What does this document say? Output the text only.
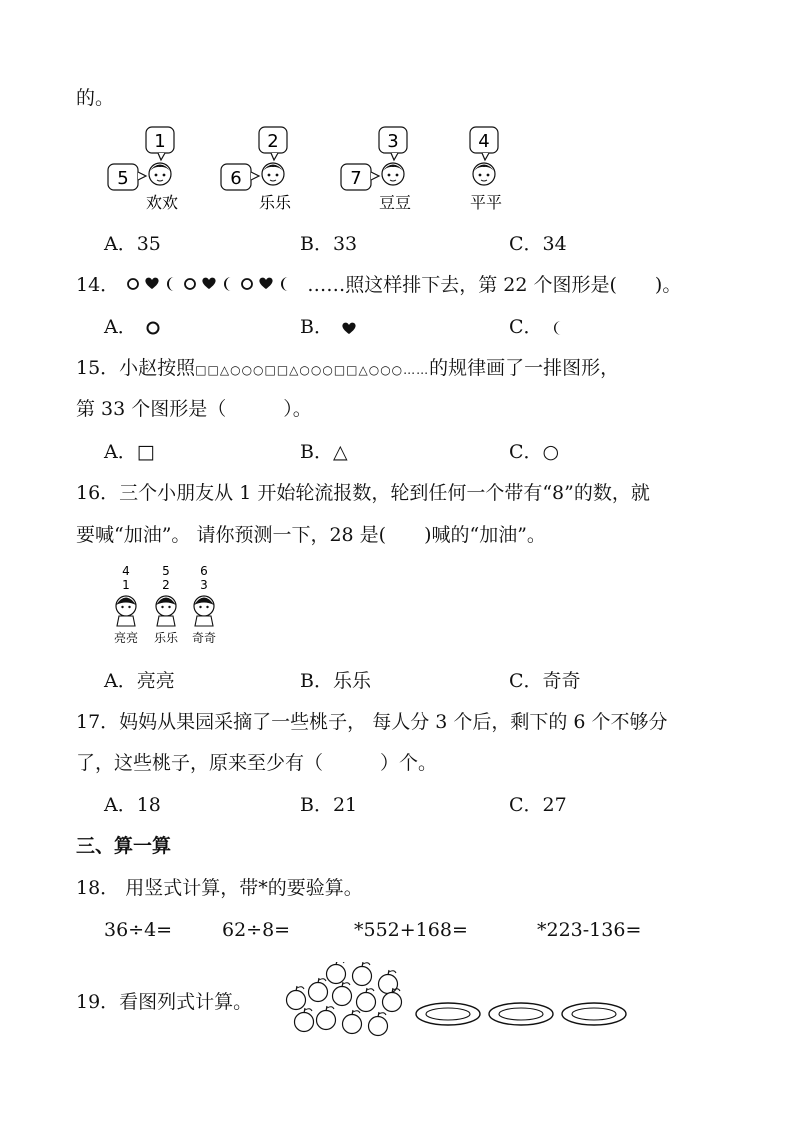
的。
1
5
欢欢
2
6
乐乐
3
7
豆豆
4
平平
A．35	B．33	C．34
14．	……照这样排下去，第 22 个图形是(　　)。
A．	B．	C．
15．小赵按照□□△○○○□□△○○○□□△○○○……的规律画了一排图形，
第 33 个图形是（　　　）。
A．□	B．△	C．○
16．三个小朋友从 1 开始轮流报数，轮到任何一个带有“8”的数，就
要喊“加油”。 请你预测一下，28 是(　　)喊的“加油”。
4
1
亮亮
5
2
乐乐
6
3
奇奇
A．亮亮	B．乐乐	C．奇奇
17．妈妈从果园采摘了一些桃子， 每人分 3 个后，剩下的 6 个不够分
了，这些桃子，原来至少有（　　　）个。
A．18	B．21	C．27
三、算一算
18． 用竖式计算，带*的要验算。
36÷4=	62÷8=	*552+168=	*223-136=
19．看图列式计算。
